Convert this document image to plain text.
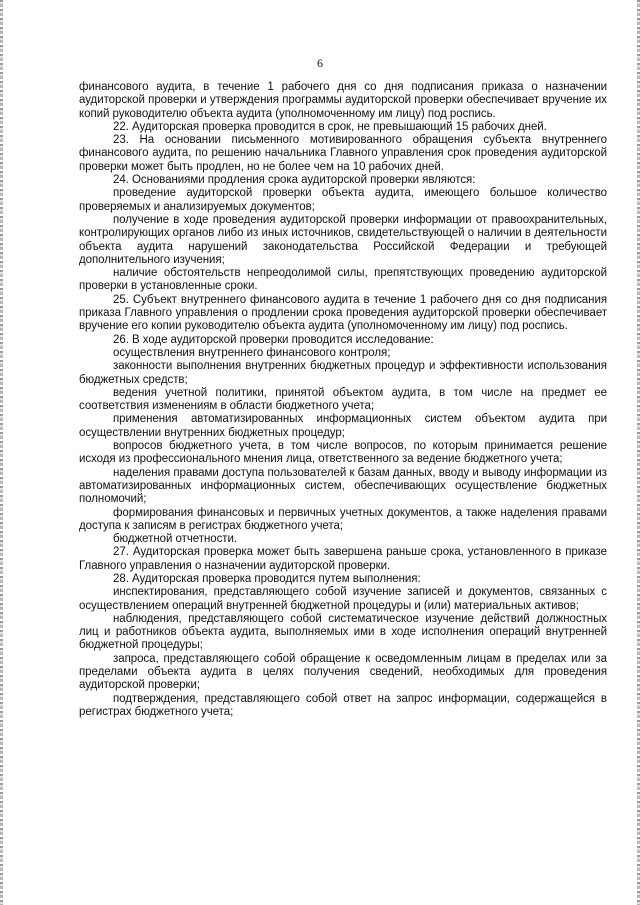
6

финансового аудита, в течение 1 рабочего дня со дня подписания приказа о назначении аудиторской проверки и утверждения программы аудиторской проверки обеспечивает вручение их копий руководителю объекта аудита (уполномоченному им лицу) под роспись.

22. Аудиторская проверка проводится в срок, не превышающий 15 рабочих дней.

23. На основании письменного мотивированного обращения субъекта внутреннего финансового аудита, по решению начальника Главного управления срок проведения аудиторской проверки может быть продлен, но не более чем на 10 рабочих дней.

24. Основаниями продления срока аудиторской проверки являются:

проведение аудиторской проверки объекта аудита, имеющего большое количество проверяемых и анализируемых документов;

получение в ходе проведения аудиторской проверки информации от правоохранительных, контролирующих органов либо из иных источников, свидетельствующей о наличии в деятельности объекта аудита нарушений законодательства Российской Федерации и требующей дополнительного изучения;

наличие обстоятельств непреодолимой силы, препятствующих проведению аудиторской проверки в установленные сроки.

25. Субъект внутреннего финансового аудита в течение 1 рабочего дня со дня подписания приказа Главного управления о продлении срока проведения аудиторской проверки обеспечивает вручение его копии руководителю объекта аудита (уполномоченному им лицу) под роспись.

26. В ходе аудиторской проверки проводится исследование:

осуществления внутреннего финансового контроля;

законности выполнения внутренних бюджетных процедур и эффективности использования бюджетных средств;

ведения учетной политики, принятой объектом аудита, в том числе на предмет ее соответствия изменениям в области бюджетного учета;

применения автоматизированных информационных систем объектом аудита при осуществлении внутренних бюджетных процедур;

вопросов бюджетного учета, в том числе вопросов, по которым принимается решение исходя из профессионального мнения лица, ответственного за ведение бюджетного учета;

наделения правами доступа пользователей к базам данных, вводу и выводу информации из автоматизированных информационных систем, обеспечивающих осуществление бюджетных полномочий;

формирования финансовых и первичных учетных документов, а также наделения правами доступа к записям в регистрах бюджетного учета;

бюджетной отчетности.

27. Аудиторская проверка может быть завершена раньше срока, установленного в приказе Главного управления о назначении аудиторской проверки.

28. Аудиторская проверка проводится путем выполнения:

инспектирования, представляющего собой изучение записей и документов, связанных с осуществлением операций внутренней бюджетной процедуры и (или) материальных активов;

наблюдения, представляющего собой систематическое изучение действий должностных лиц и работников объекта аудита, выполняемых ими в ходе исполнения операций внутренней бюджетной процедуры;

запроса, представляющего собой обращение к осведомленным лицам в пределах или за пределами объекта аудита в целях получения сведений, необходимых для проведения аудиторской проверки;

подтверждения, представляющего собой ответ на запрос информации, содержащейся в регистрах бюджетного учета;
